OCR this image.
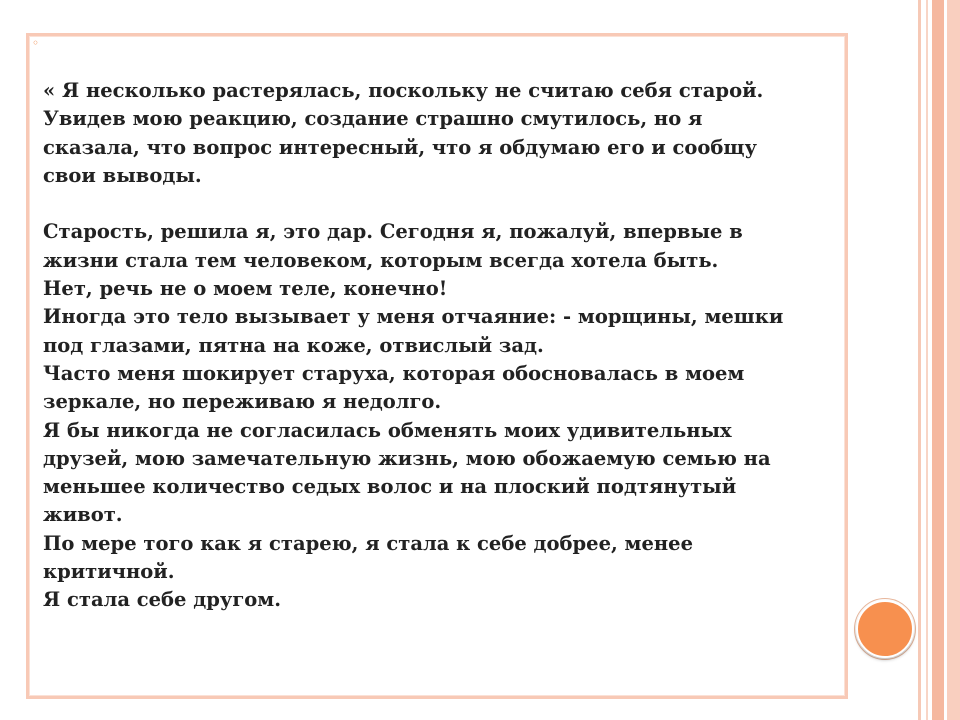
◦

« Я несколько растерялась, поскольку не считаю себя старой.

Увидев мою реакцию, создание страшно смутилось, но я

сказала, что вопрос интересный, что я обдумаю его и сообщу

свои выводы.

Старость, решила я, это дар. Сегодня я, пожалуй, впервые в

жизни стала тем человеком, которым всегда хотела быть.

Нет, речь не о моем теле, конечно!

Иногда это тело вызывает у меня отчаяние: - морщины, мешки

под глазами, пятна на коже, отвислый зад.

Часто меня шокирует старуха, которая обосновалась в моем

зеркале, но переживаю я недолго.

Я бы никогда не согласилась обменять моих удивительных

друзей, мою замечательную жизнь, мою обожаемую семью на

меньшее количество седых волос и на плоский подтянутый

живот.

По мере того как я старею, я стала к себе добрее, менее

критичной.

Я стала себе другом.
